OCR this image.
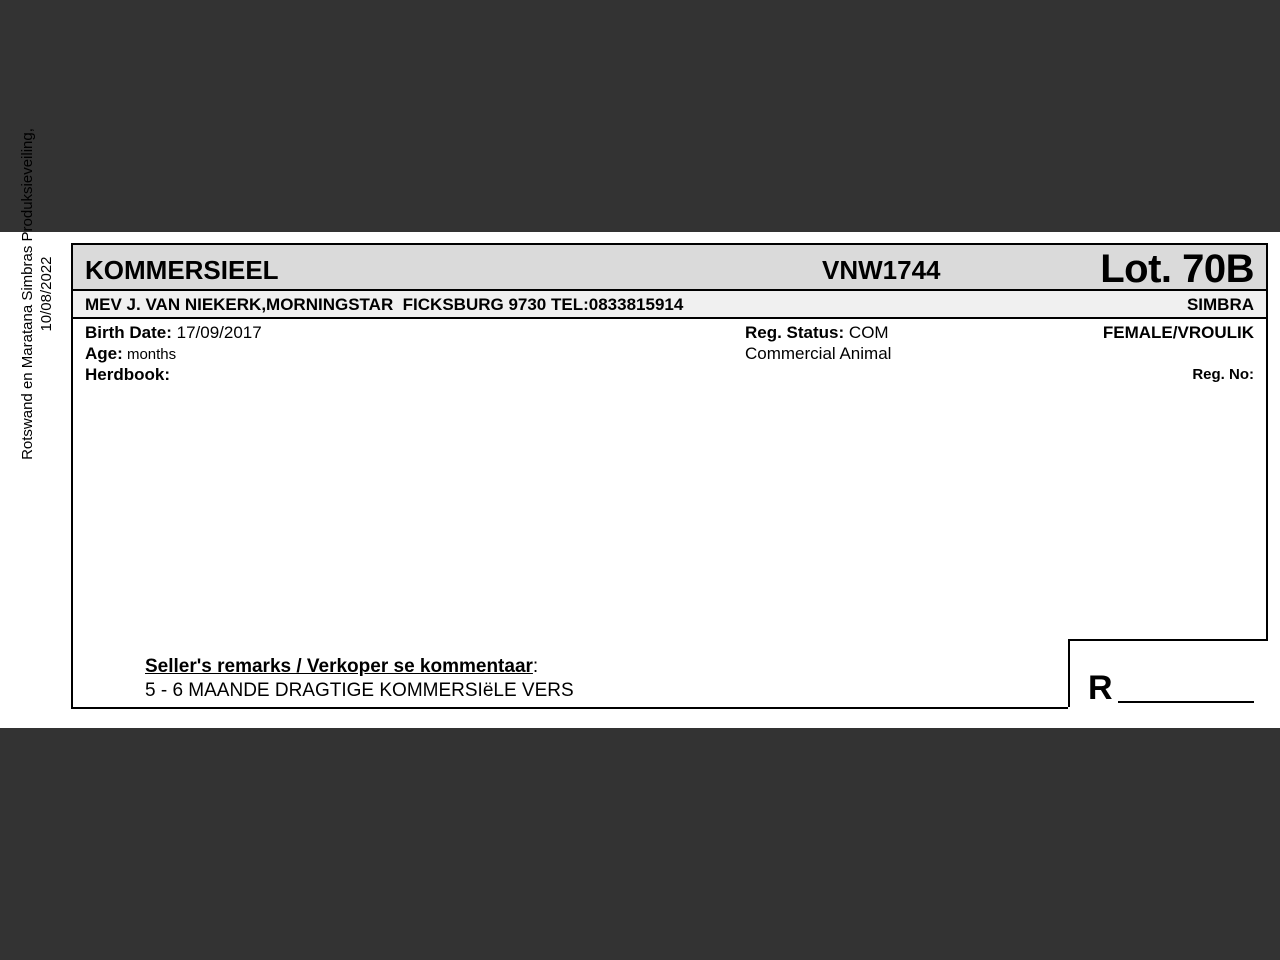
Rotswand en Maratana Simbras Produksieveiling, 10/08/2022 KOMMERSIEEL	VNW1744	Lot. 70B
MEV J. VAN NIEKERK,MORNINGSTAR  FICKSBURG 9730 TEL:0833815914	SIMBRA
Birth Date: 17/09/2017
Age: months
Herdbook:
Reg. Status: COM
Commercial Animal
FEMALE/VROULIK
Reg. No:
Seller's remarks / Verkoper se kommentaar:
5 - 6 MAANDE DRAGTIGE KOMMERSIëLE VERS	R
